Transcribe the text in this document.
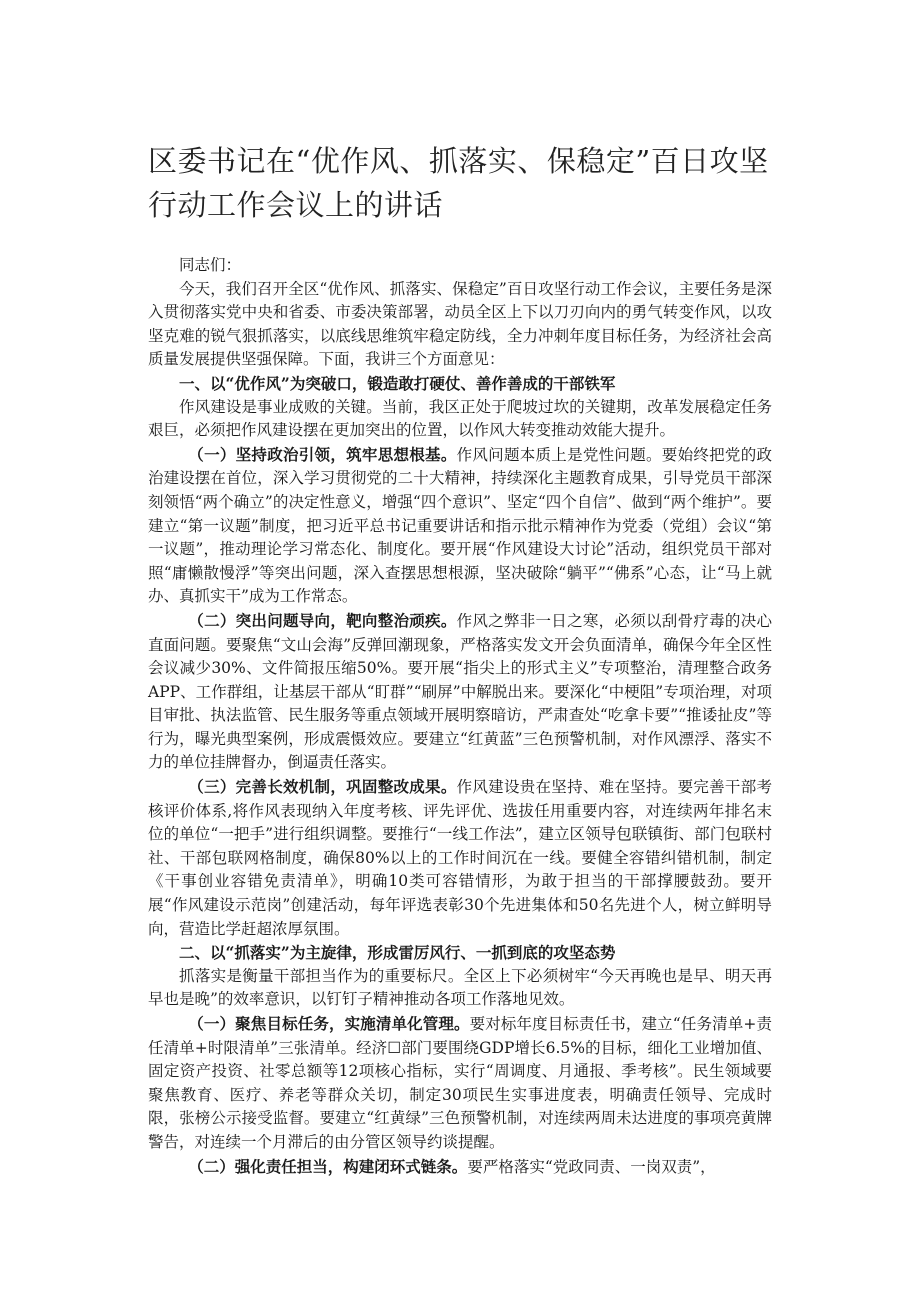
区委书记在“优作风、抓落实、保稳定”百日攻坚行动工作会议上的讲话

同志们：

今天，我们召开全区“优作风、抓落实、保稳定”百日攻坚行动工作会议，主要任务是深入贯彻落实党中央和省委、市委决策部署，动员全区上下以刀刃向内的勇气转变作风，以攻坚克难的锐气狠抓落实，以底线思维筑牢稳定防线，全力冲刺年度目标任务，为经济社会高质量发展提供坚强保障。下面，我讲三个方面意见：

一、以“优作风”为突破口，锻造敢打硬仗、善作善成的干部铁军

作风建设是事业成败的关键。当前，我区正处于爬坡过坎的关键期，改革发展稳定任务艰巨，必须把作风建设摆在更加突出的位置，以作风大转变推动效能大提升。

（一）坚持政治引领，筑牢思想根基。作风问题本质上是党性问题。要始终把党的政治建设摆在首位，深入学习贯彻党的二十大精神，持续深化主题教育成果，引导党员干部深刻领悟“两个确立”的决定性意义，增强“四个意识”、坚定“四个自信”、做到“两个维护”。要建立“第一议题”制度，把习近平总书记重要讲话和指示批示精神作为党委（党组）会议“第一议题”，推动理论学习常态化、制度化。要开展“作风建设大讨论”活动，组织党员干部对照“庸懒散慢浮”等突出问题，深入查摆思想根源，坚决破除“躺平”“佛系”心态，让“马上就办、真抓实干”成为工作常态。

（二）突出问题导向，靶向整治顽疾。作风之弊非一日之寒，必须以刮骨疗毒的决心直面问题。要聚焦“文山会海”反弹回潮现象，严格落实发文开会负面清单，确保今年全区性会议减少30%、文件简报压缩50%。要开展“指尖上的形式主义”专项整治，清理整合政务APP、工作群组，让基层干部从“盯群”“刷屏”中解脱出来。要深化“中梗阻”专项治理，对项目审批、执法监管、民生服务等重点领域开展明察暗访，严肃查处“吃拿卡要”“推诿扯皮”等行为，曝光典型案例，形成震慑效应。要建立“红黄蓝”三色预警机制，对作风漂浮、落实不力的单位挂牌督办，倒逼责任落实。

（三）完善长效机制，巩固整改成果。作风建设贵在坚持、难在坚持。要完善干部考核评价体系,将作风表现纳入年度考核、评先评优、选拔任用重要内容，对连续两年排名末位的单位“一把手”进行组织调整。要推行“一线工作法”，建立区领导包联镇街、部门包联村社、干部包联网格制度，确保80%以上的工作时间沉在一线。要健全容错纠错机制，制定《干事创业容错免责清单》，明确10类可容错情形，为敢于担当的干部撑腰鼓劲。要开展“作风建设示范岗”创建活动，每年评选表彰30个先进集体和50名先进个人，树立鲜明导向，营造比学赶超浓厚氛围。

二、以“抓落实”为主旋律，形成雷厉风行、一抓到底的攻坚态势

抓落实是衡量干部担当作为的重要标尺。全区上下必须树牢“今天再晚也是早、明天再早也是晚”的效率意识，以钉钉子精神推动各项工作落地见效。

（一）聚焦目标任务，实施清单化管理。要对标年度目标责任书，建立“任务清单+责任清单+时限清单”三张清单。经济☐部门要围绕GDP增长6.5%的目标，细化工业增加值、固定资产投资、社零总额等12项核心指标，实行“周调度、月通报、季考核”。民生领域要聚焦教育、医疗、养老等群众关切，制定30项民生实事进度表，明确责任领导、完成时限，张榜公示接受监督。要建立“红黄绿”三色预警机制，对连续两周未达进度的事项亮黄牌警告，对连续一个月滞后的由分管区领导约谈提醒。

（二）强化责任担当，构建闭环式链条。要严格落实“党政同责、一岗双责”，
